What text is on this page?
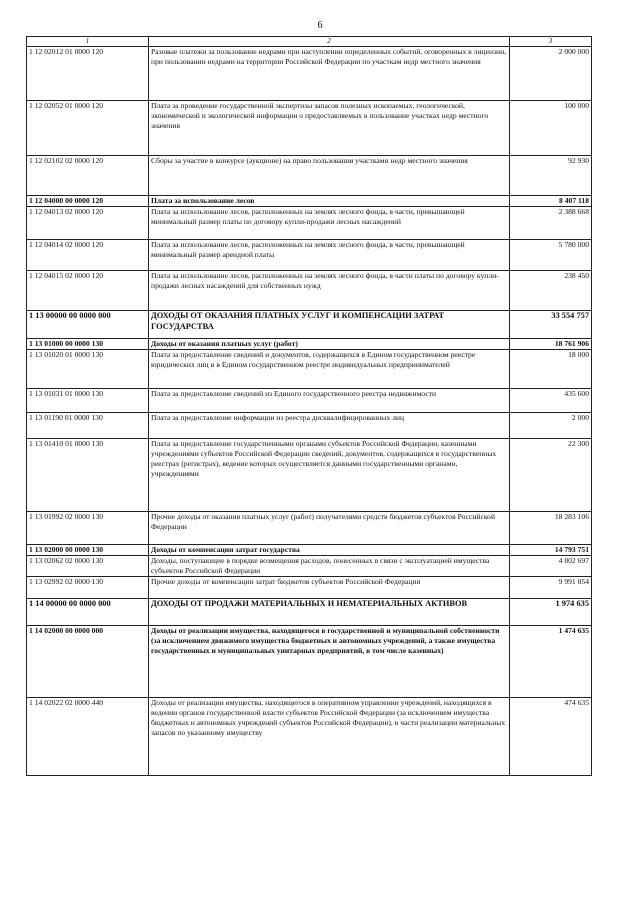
6
1	2	3
1 12 02012 01 0000 120	Разовые платежи за пользование недрами при наступлении определенных событий, оговоренных в лицензии, при пользовании недрами на территории Российской Федерации по участкам недр местного значения	2 000 000
1 12 02052 01 0000 120	Плата за проведение государственной экспертизы запасов полезных ископаемых, геологической, экономической и экологической информации о предоставляемых в пользование участках недр местного значения	100 000
1 12 02102 02 0000 120	Сборы за участие в конкурсе (аукционе) на право пользования участками недр местного значения	92 930
1 12 04000 00 0000 120	Плата за использование лесов	8 407 118
1 12 04013 02 0000 120	Плата за использование лесов, расположенных на землях лесного фонда, в части, превышающей минимальный размер платы по договору купли-продажи лесных насаждений	2 388 668
1 12 04014 02 0000 120	Плата за использование лесов, расположенных на землях лесного фонда, в части, превышающей минимальный размер арендной платы	5 780 000
1 12 04015 02 0000 120	Плата за использование лесов, расположенных на землях лесного фонда, в части платы по договору купли-продажи лесных насаждений для собственных нужд	238 450
1 13 00000 00 0000 000	ДОХОДЫ ОТ ОКАЗАНИЯ ПЛАТНЫХ УСЛУГ И КОМПЕНСАЦИИ ЗАТРАТ ГОСУДАРСТВА	33 554 757
1 13 01000 00 0000 130	Доходы от оказания платных услуг (работ)	18 761 906
1 13 01020 01 0000 130	Плата за предоставление сведений и документов, содержащихся в Едином государственном реестре юридических лиц и в Едином государственном реестре индивидуальных предпринимателей	18 000
1 13 01031 01 0000 130	Плата за предоставление сведений из Единого государственного реестра недвижимости	435 600
1 13 01190 01 0000 130	Плата за предоставление информации из реестра дисквалифицированных лиц	2 000
1 13 01410 01 0000 130	Плата за предоставление государственными органами субъектов Российской Федерации, казенными учреждениями субъектов Российской Федерации сведений, документов, содержащихся в государственных реестрах (регистрах), ведение которых осуществляется данными государственными органами, учреждениями	22 300
1 13 01992 02 0000 130	Прочие доходы от оказания платных услуг (работ) получателями средств бюджетов субъектов Российской Федерации	18 283 106
1 13 02000 00 0000 130	Доходы от компенсации затрат государства	14 793 751
1 13 02062 02 0000 130	Доходы, поступающие в порядке возмещения расходов, понесенных в связи с эксплуатацией имущества субъектов Российской Федерации	4 802 697
1 13 02992 02 0000 130	Прочие доходы от компенсации затрат бюджетов субъектов Российской Федерации	9 991 054
1 14 00000 00 0000 000	ДОХОДЫ ОТ ПРОДАЖИ МАТЕРИАЛЬНЫХ И НЕМАТЕРИАЛЬНЫХ АКТИВОВ	1 974 635
1 14 02000 00 0000 000	Доходы от реализации имущества, находящегося в государственной и муниципальной собственности (за исключением движимого имущества бюджетных и автономных учреждений, а также имущества государственных и муниципальных унитарных предприятий, в том числе казенных)	1 474 635
1 14 02022 02 0000 440	Доходы от реализации имущества, находящегося в оперативном управлении учреждений, находящихся в ведении органов государственной власти субъектов Российской Федерации (за исключением имущества бюджетных и автономных учреждений субъектов Российской Федерации), в части реализации материальных запасов по указанному имуществу	474 635
